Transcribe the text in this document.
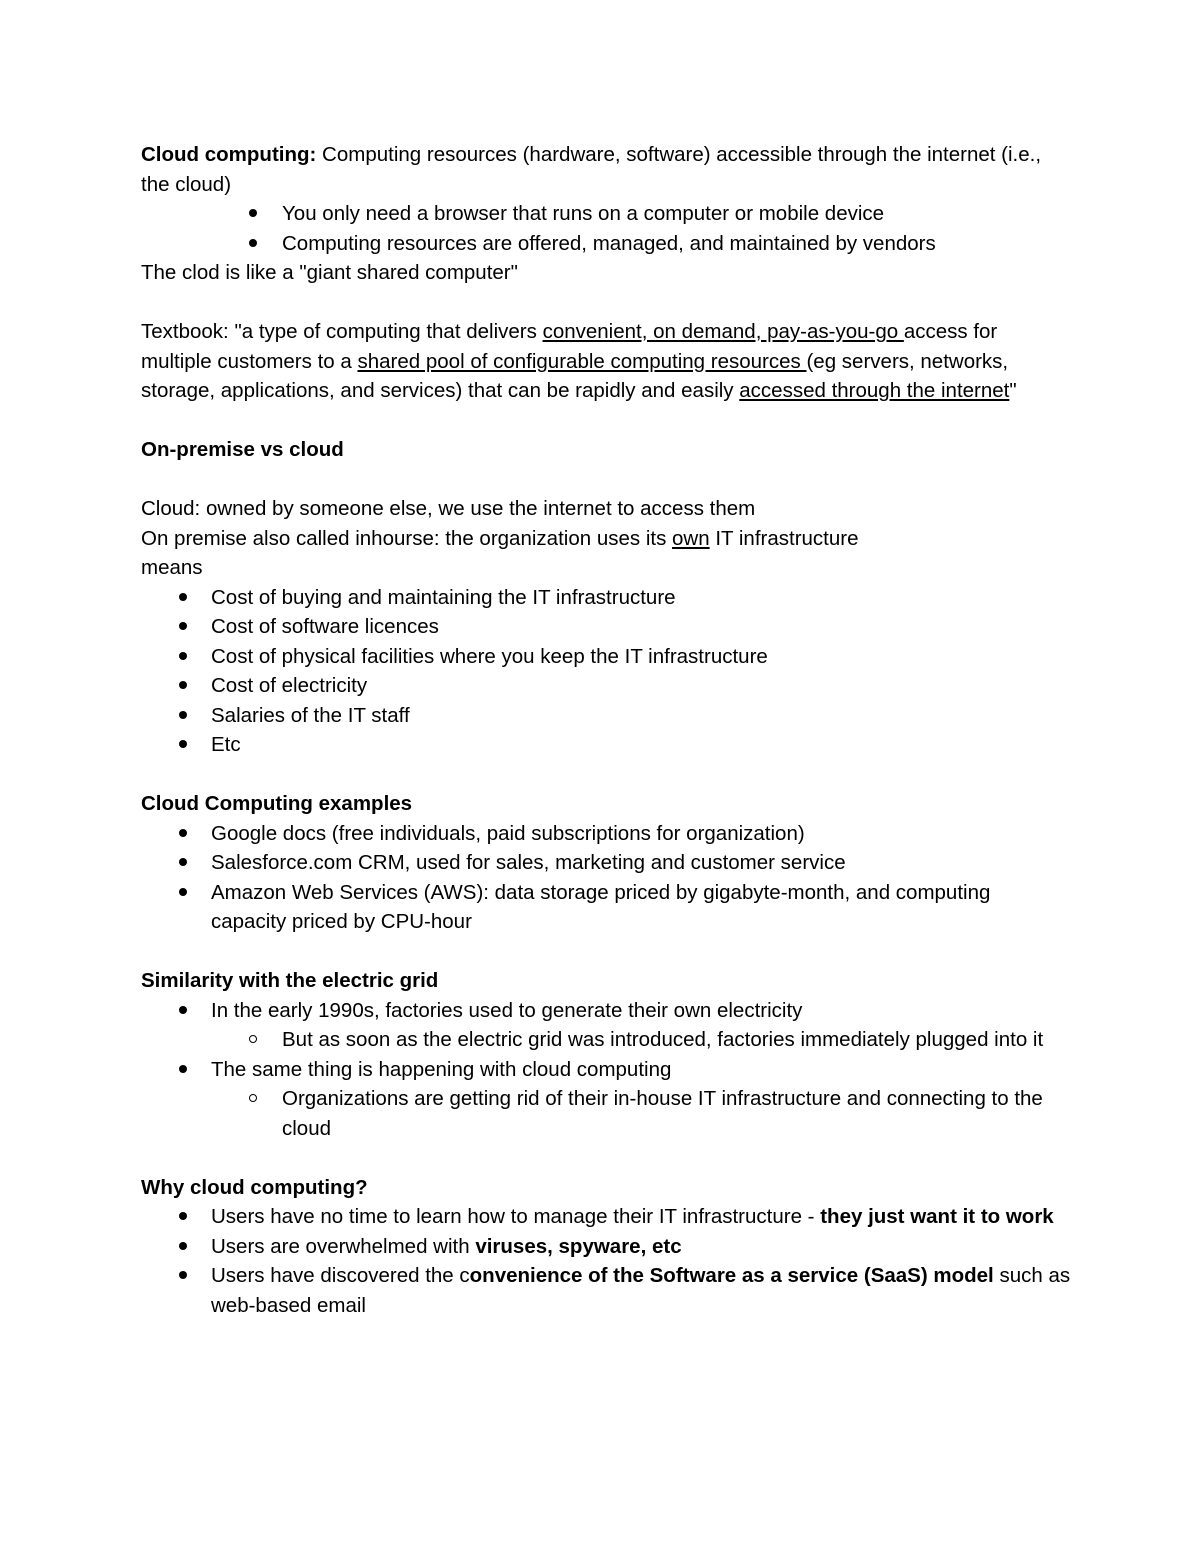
Cloud computing: Computing resources (hardware, software) accessible through the internet (i.e., the cloud)

You only need a browser that runs on a computer or mobile device
Computing resources are offered, managed, and maintained by vendors

The clod is like a "giant shared computer"

Textbook: "a type of computing that delivers convenient, on demand, pay-as-you-go access for multiple customers to a shared pool of configurable computing resources (eg servers, networks, storage, applications, and services) that can be rapidly and easily accessed through the internet"

On-premise vs cloud

Cloud: owned by someone else, we use the internet to access them

On premise also called inhourse: the organization uses its own IT infrastructure

means

Cost of buying and maintaining the IT infrastructure
Cost of software licences
Cost of physical facilities where you keep the IT infrastructure
Cost of electricity
Salaries of the IT staff
Etc

Cloud Computing examples

Google docs (free individuals, paid subscriptions for organization)
Salesforce.com CRM, used for sales, marketing and customer service
Amazon Web Services (AWS): data storage priced by gigabyte-month, and computing capacity priced by CPU-hour

Similarity with the electric grid

In the early 1990s, factories used to generate their own electricity
But as soon as the electric grid was introduced, factories immediately plugged into it
The same thing is happening with cloud computing
Organizations are getting rid of their in-house IT infrastructure and connecting to the cloud

Why cloud computing?

Users have no time to learn how to manage their IT infrastructure - they just want it to work
Users are overwhelmed with viruses, spyware, etc
Users have discovered the convenience of the Software as a service (SaaS) model such as web-based email
